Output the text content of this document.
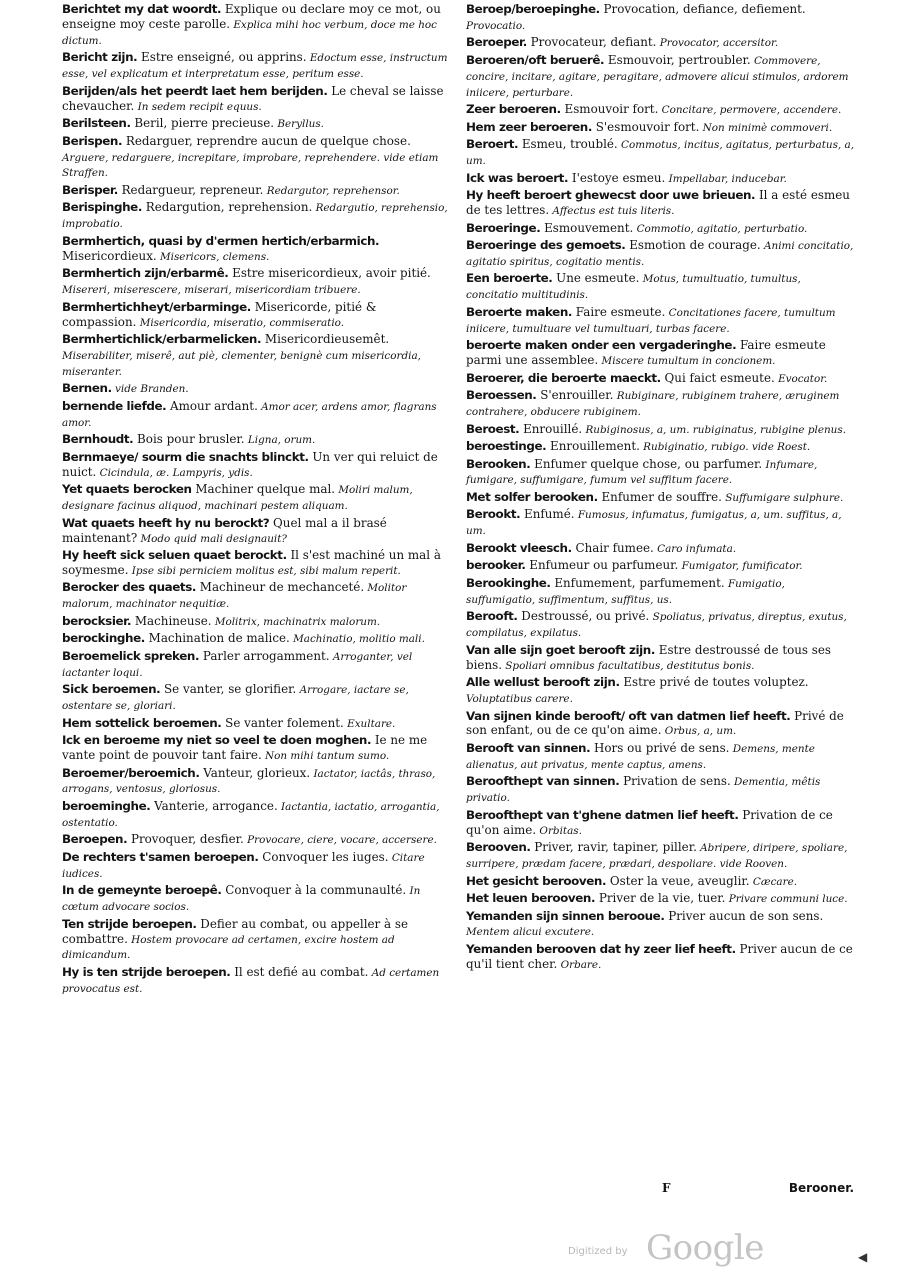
Berichtet my dat woordt. Explique ou declare moy ce mot, ou enseigne moy ceste parolle. Explica mihi hoc verbum, doce me hoc dictum.

Bericht zijn. Estre enseigné, ou apprins. Edoctum esse, instructum esse, vel explicatum et interpretatum esse, peritum esse.

Berijden/als het peerdt laet hem berijden. Le cheval se laisse chevaucher. In sedem recipit equus.

Berilsteen. Beril, pierre precieuse. Beryllus.

Berispen. Redarguer, reprendre aucun de quelque chose. Arguere, redarguere, increpitare, improbare, reprehendere. vide etiam Straffen.

Berisper. Redargueur, repreneur. Redargutor, reprehensor.

Berispinghe. Redargution, reprehension. Redargutio, reprehensio, improbatio.

Bermhertich, quasi by d'ermen hertich/erbarmich. Misericordieux. Misericors, clemens.

Bermhertich zijn/erbarmê. Estre misericordieux, avoir pitié. Misereri, miserescere, miserari, misericordiam tribuere.

Bermhertichheyt/erbarminge. Misericorde, pitié & compassion. Misericordia, miseratio, commiseratio.

Bermhertichlick/erbarmelicken. Misericordieusemêt. Miserabiliter, miserê, aut piè, clementer, benignè cum misericordia, miseranter.

Bernen. vide Branden.

bernende liefde. Amour ardant. Amor acer, ardens amor, flagrans amor.

Bernhoudt. Bois pour brusler. Ligna, orum.

Bernmaeye/ sourm die snachts blinckt. Un ver qui reluict de nuict. Cicindula, æ. Lampyris, ydis.

Yet quaets berocken Machiner quelque mal. Moliri malum, designare facinus aliquod, machinari pestem aliquam.

Wat quaets heeft hy nu berockt? Quel mal a il brasé maintenant? Modo quid mali designauit?

Hy heeft sick seluen quaet berockt. Il s'est machiné un mal à soymesme. Ipse sibi perniciem molitus est, sibi malum reperit.

Berocker des quaets. Machineur de mechanceté. Molitor malorum, machinator nequitiæ.

berocksier. Machineuse. Molitrix, machinatrix malorum.

berockinghe. Machination de malice. Machinatio, molitio mali.

Beroemelick spreken. Parler arrogamment. Arroganter, vel iactanter loqui.

Sick beroemen. Se vanter, se glorifier. Arrogare, iactare se, ostentare se, gloriari.

Hem sottelick beroemen. Se vanter folement. Exultare.

Ick en beroeme my niet so veel te doen moghen. Ie ne me vante point de pouvoir tant faire. Non mihi tantum sumo.

Beroemer/beroemich. Vanteur, glorieux. Iactator, iactâs, thraso, arrogans, ventosus, gloriosus.

beroeminghe. Vanterie, arrogance. Iactantia, iactatio, arrogantia, ostentatio.

Beroepen. Provoquer, desfier. Provocare, ciere, vocare, accersere.

De rechters t'samen beroepen. Convoquer les iuges. Citare iudices.

In de gemeynte beroepê. Convoquer à la communaulté. In cœtum advocare socios.

Ten strijde beroepen. Defier au combat, ou appeller à se combattre. Hostem provocare ad certamen, excire hostem ad dimicandum.

Hy is ten strijde beroepen. Il est defié au combat. Ad certamen provocatus est.

Beroep/beroepinghe. Provocation, defiance, defiement. Provocatio.

Beroeper. Provocateur, defiant. Provocator, accersitor.

Beroeren/oft beruerê. Esmouvoir, pertroubler. Commovere, concire, incitare, agitare, peragitare, admovere alicui stimulos, ardorem iniicere, perturbare.

Zeer beroeren. Esmouvoir fort. Concitare, permovere, accendere.

Hem zeer beroeren. S'esmouvoir fort. Non minimè commoveri.

Beroert. Esmeu, troublé. Commotus, incitus, agitatus, perturbatus, a, um.

Ick was beroert. I'estoye esmeu. Impellabar, inducebar.

Hy heeft beroert ghewecst door uwe brieuen. Il a esté esmeu de tes lettres. Affectus est tuis literis.

Beroeringe. Esmouvement. Commotio, agitatio, perturbatio.

Beroeringe des gemoets. Esmotion de courage. Animi concitatio, agitatio spiritus, cogitatio mentis.

Een beroerte. Une esmeute. Motus, tumultuatio, tumultus, concitatio multitudinis.

Beroerte maken. Faire esmeute. Concitationes facere, tumultum iniicere, tumultuare vel tumultuari, turbas facere.

beroerte maken onder een vergaderinghe. Faire esmeute parmi une assemblee. Miscere tumultum in concionem.

Beroerer, die beroerte maeckt. Qui faict esmeute. Evocator.

Beroessen. S'enrouiller. Rubiginare, rubiginem trahere, æruginem contrahere, obducere rubiginem.

Beroest. Enrouillé. Rubiginosus, a, um. rubiginatus, rubigine plenus.

beroestinge. Enrouillement. Rubiginatio, rubigo. vide Roest.

Berooken. Enfumer quelque chose, ou parfumer. Infumare, fumigare, suffumigare, fumum vel suffitum facere.

Met solfer berooken. Enfumer de souffre. Suffumigare sulphure.

Berookt. Enfumé. Fumosus, infumatus, fumigatus, a, um. suffitus, a, um.

Berookt vleesch. Chair fumee. Caro infumata.

berooker. Enfumeur ou parfumeur. Fumigator, fumificator.

Berookinghe. Enfumement, parfumement. Fumigatio, suffumigatio, suffimentum, suffitus, us.

Berooft. Destroussé, ou privé. Spoliatus, privatus, direptus, exutus, compilatus, expilatus.

Van alle sijn goet berooft zijn. Estre destroussé de tous ses biens. Spoliari omnibus facultatibus, destitutus bonis.

Alle wellust berooft zijn. Estre privé de toutes voluptez. Voluptatibus carere.

Van sijnen kinde berooft/ oft van datmen lief heeft. Privé de son enfant, ou de ce qu'on aime. Orbus, a, um.

Berooft van sinnen. Hors ou privé de sens. Demens, mente alienatus, aut privatus, mente captus, amens.

Beroofthept van sinnen. Privation de sens. Dementia, mêtis privatio.

Beroofthept van t'ghene datmen lief heeft. Privation de ce qu'on aime. Orbitas.

Berooven. Priver, ravir, tapiner, piller. Abripere, diripere, spoliare, surripere, prædam facere, prædari, despoliare. vide Rooven.

Het gesicht berooven. Oster la veue, aveuglir. Cæcare.

Het leuen berooven. Priver de la vie, tuer. Privare communi luce.

Yemanden sijn sinnen berooue. Priver aucun de son sens. Mentem alicui excutere.

Yemanden berooven dat hy zeer lief heeft. Priver aucun de ce qu'il tient cher. Orbare.

F	Berooner.
Digitized by Google	◀
